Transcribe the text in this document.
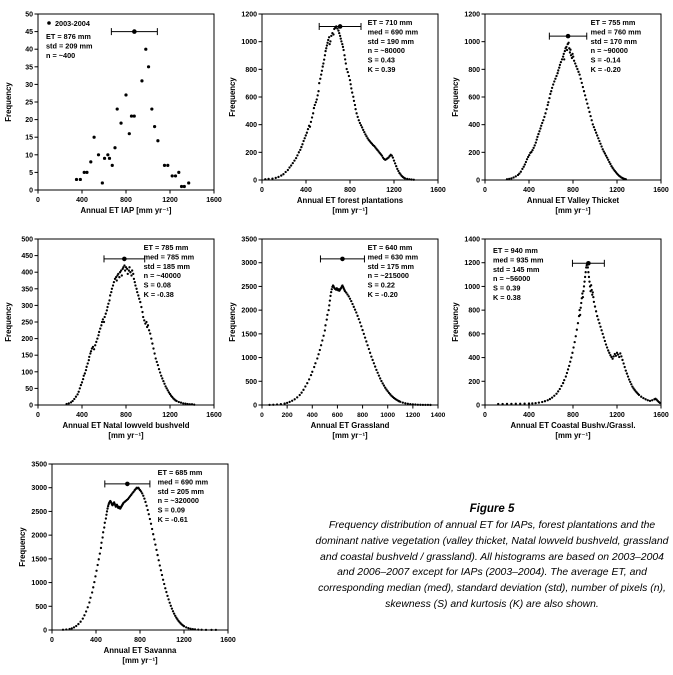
0	400	800	1200	1600
0
5
10
15
20
25
30
35
40
45
50
Frequency
Annual ET IAP [mm yr⁻¹]
2003-2004
ET = 876 mm
std = 209 mm
n = ~400
0	400	800	1200	1600
0
200
400
600
800
1000
1200
Frequency
Annual ET forest plantations
[mm yr⁻¹]
ET = 710 mm
med = 690 mm
std = 190 mm
n = ~80000
S = 0.43
K = 0.39
0	400	800	1200	1600
0
200
400
600
800
1000
1200
Frequency
Annual ET Valley Thicket
[mm yr⁻¹]
ET = 755 mm
med = 760 mm
std = 170 mm
n = ~90000
S = -0.14
K = -0.20
0	400	800	1200	1600
0
50
100
150
200
250
300
350
400
450
500
Frequency
Annual ET Natal lowveld bushveld
[mm yr⁻¹]
ET = 785 mm
med = 785 mm
std = 185 mm
n = ~40000
S = 0.08
K = -0.38
0	200 400 600 800 1000 1200 1400
0
500
1000
1500
2000
2500
3000
3500
Frequency
Annual ET Grassland
[mm yr⁻¹]
ET = 640 mm
med = 630 mm
std = 175 mm
n = ~215000
S = 0.22
K = -0.20
0	400	800	1200	1600
0
200
400
600
800
1000
1200
1400
Frequency
Annual ET Coastal Bushv./Grassl.
[mm yr⁻¹]
ET = 940 mm
med = 935 mm
std = 145 mm
n = ~56000
S = 0.39
K = 0.38
0	400	800	1200	1600
0
500
1000
1500
2000
2500
3000
3500
Frequency
Annual ET Savanna
[mm yr⁻¹]
ET = 685 mm
med = 690 mm
std = 205 mm
n = ~320000
S = 0.09
K = -0.61
Figure 5

Frequency distribution of annual ET for IAPs, forest plantations and the dominant native vegetation (valley thicket, Natal lowveld bushveld, grassland and coastal bushveld / grassland). All histograms are based on 2003–2004 and 2006–2007 except for IAPs (2003–2004). The average ET, and corresponding median (med), standard deviation (std), number of pixels (n), skewness (S) and kurtosis (K) are also shown.
